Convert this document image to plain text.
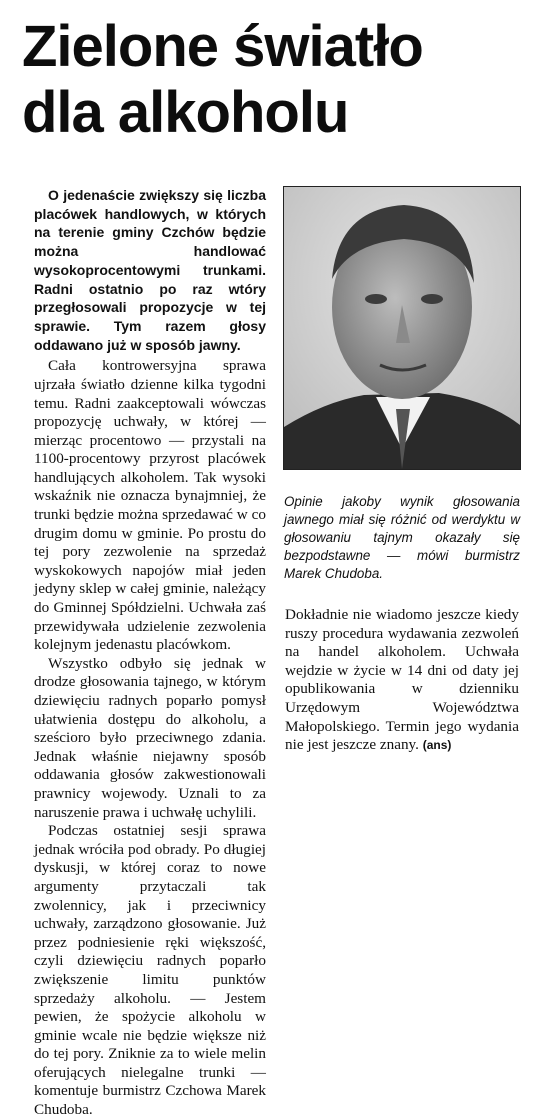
Zielone światło
dla alkoholu

O jedenaście zwiększy się liczba placówek handlowych, w których na terenie gminy Czchów będzie można handlować wysokoprocentowymi trunkami. Radni ostatnio po raz wtóry przegłosowali propozycje w tej sprawie. Tym razem głosy oddawano już w sposób jawny.

Cała kontrowersyjna sprawa ujrzała światło dzienne kilka tygodni temu. Radni zaakceptowali wówczas propozycję uchwały, w której — mierząc procentowo — przystali na 1100-procentowy przyrost placówek handlujących alkoholem. Tak wysoki wskaźnik nie oznacza bynajmniej, że trunki będzie można sprzedawać w co drugim domu w gminie. Po prostu do tej pory zezwolenie na sprzedaż wyskokowych napojów miał jeden jedyny sklep w całej gminie, należący do Gminnej Spółdzielni. Uchwała zaś przewidywała udzielenie zezwolenia kolejnym jedenastu placówkom.

Wszystko odbyło się jednak w drodze głosowania tajnego, w którym dziewięciu radnych poparło pomysł ułatwienia dostępu do alkoholu, a sześcioro było przeciwnego zdania. Jednak właśnie niejawny sposób oddawania głosów zakwestionowali prawnicy wojewody. Uznali to za naruszenie prawa i uchwałę uchylili.

Podczas ostatniej sesji sprawa jednak wróciła pod obrady. Po długiej dyskusji, w której coraz to nowe argumenty przytaczali tak zwolennicy, jak i przeciwnicy uchwały, zarządzono głosowanie. Już przez podniesienie ręki większość, czyli dziewięciu radnych poparło zwiększenie limitu punktów sprzedaży alkoholu. — Jestem pewien, że spożycie alkoholu w gminie wcale nie będzie większe niż do tej pory. Zniknie za to wiele melin oferujących nielegalne trunki — komentuje burmistrz Czchowa Marek Chudoba.

Opinie jakoby wynik głosowania jawnego miał się różnić od werdyktu w głosowaniu tajnym okazały się bezpodstawne — mówi burmistrz Marek Chudoba.

Dokładnie nie wiadomo jeszcze kiedy ruszy procedura wydawania zezwoleń na handel alkoholem. Uchwała wejdzie w życie w 14 dni od daty jej opublikowania w dzienniku Urzędowym Województwa Małopolskiego. Termin jego wydania nie jest jeszcze znany. (ans)
